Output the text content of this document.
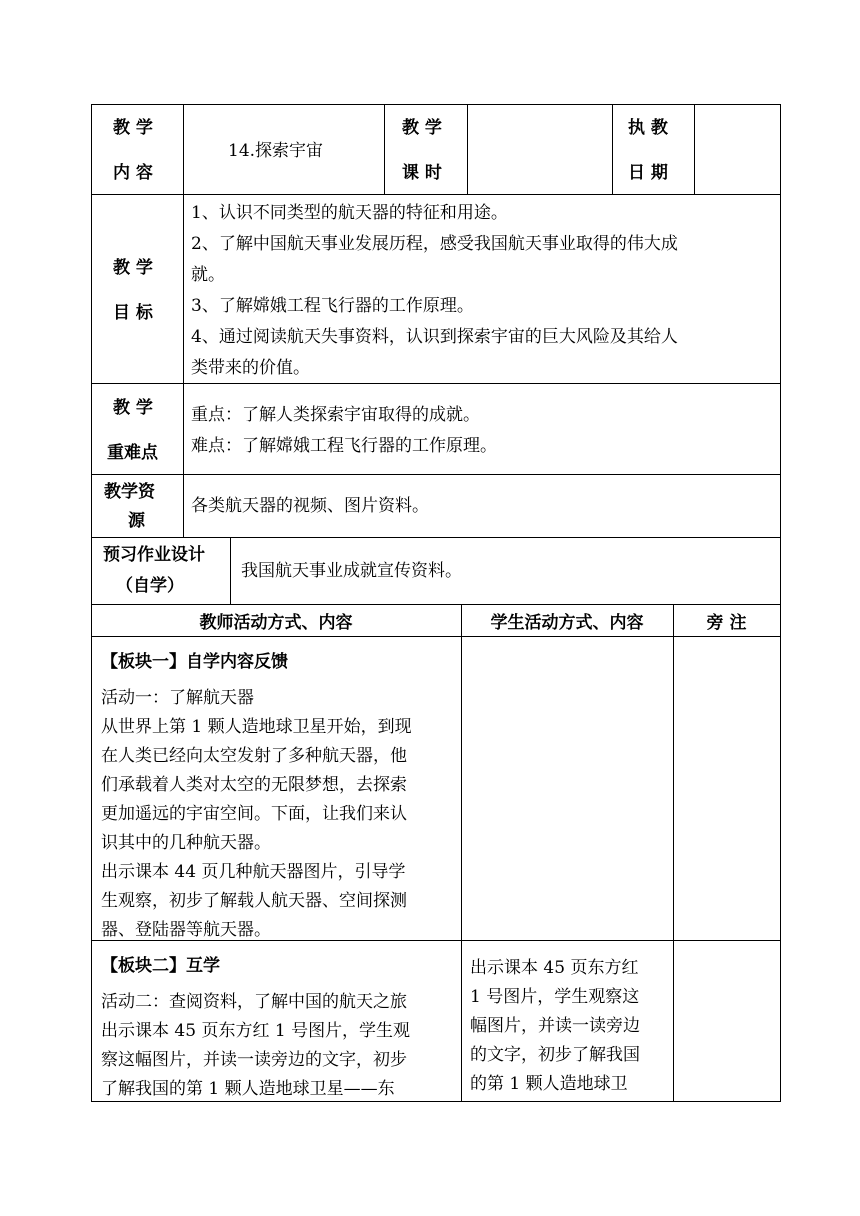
教 学
内 容
14.探索宇宙
教 学
课 时
执 教
日 期
教 学
目 标
1、认识不同类型的航天器的特征和用途。
2、了解中国航天事业发展历程，感受我国航天事业取得的伟大成
就。
3、了解嫦娥工程飞行器的工作原理。
4、通过阅读航天失事资料，认识到探索宇宙的巨大风险及其给人
类带来的价值。
教 学
重难点
重点：了解人类探索宇宙取得的成就。
难点：了解嫦娥工程飞行器的工作原理。
教学资
源
各类航天器的视频、图片资料。
预习作业设计
（自学）
我国航天事业成就宣传资料。
教师活动方式、内容	学生活动方式、内容	旁 注
【板块一】自学内容反馈
活动一：了解航天器
从世界上第 1 颗人造地球卫星开始，到现
在人类已经向太空发射了多种航天器，他
们承载着人类对太空的无限梦想，去探索
更加遥远的宇宙空间。下面，让我们来认
识其中的几种航天器。
出示课本 44 页几种航天器图片，引导学
生观察，初步了解载人航天器、空间探测
器、登陆器等航天器。
【板块二】互学
活动二：查阅资料，了解中国的航天之旅
出示课本 45 页东方红 1 号图片，学生观
察这幅图片，并读一读旁边的文字，初步
了解我国的第 1 颗人造地球卫星——东
出示课本 45 页东方红
1 号图片，学生观察这
幅图片，并读一读旁边
的文字，初步了解我国
的第 1 颗人造地球卫
